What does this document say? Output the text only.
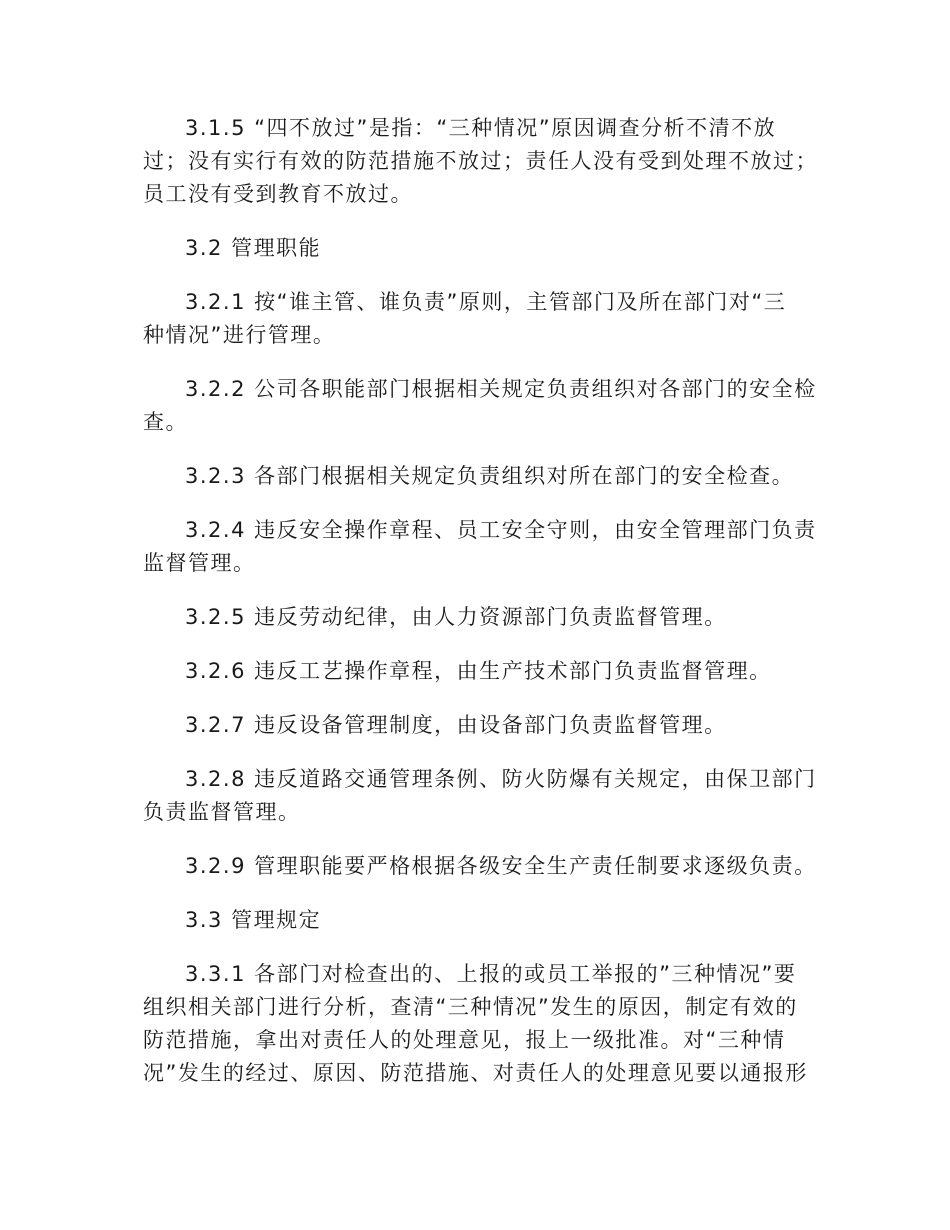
3.1.5 “四不放过”是指：“三种情况”原因调查分析不清不放
过；没有实行有效的防范措施不放过；责任人没有受到处理不放过；
员工没有受到教育不放过。

3.2 管理职能

3.2.1 按“谁主管、谁负责”原则，主管部门及所在部门对“三
种情况”进行管理。

3.2.2 公司各职能部门根据相关规定负责组织对各部门的安全检
查。

3.2.3 各部门根据相关规定负责组织对所在部门的安全检查。

3.2.4 违反安全操作章程、员工安全守则，由安全管理部门负责
监督管理。

3.2.5 违反劳动纪律，由人力资源部门负责监督管理。

3.2.6 违反工艺操作章程，由生产技术部门负责监督管理。

3.2.7 违反设备管理制度，由设备部门负责监督管理。

3.2.8 违反道路交通管理条例、防火防爆有关规定，由保卫部门
负责监督管理。

3.2.9 管理职能要严格根据各级安全生产责任制要求逐级负责。

3.3 管理规定

3.3.1 各部门对检查出的、上报的或员工举报的”三种情况”要
组织相关部门进行分析，查清“三种情况”发生的原因，制定有效的
防范措施，拿出对责任人的处理意见，报上一级批准。对“三种情
况”发生的经过、原因、防范措施、对责任人的处理意见要以通报形
